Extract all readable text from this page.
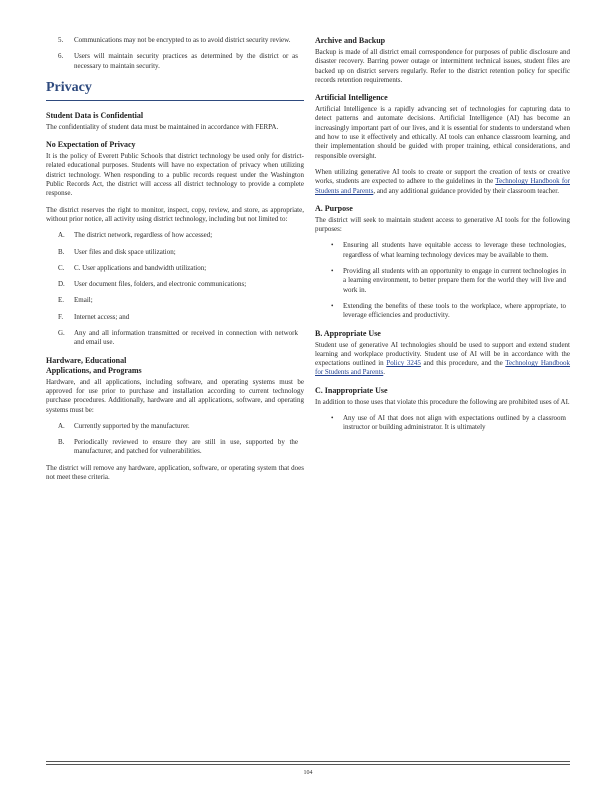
5.	Communications may not be encrypted to as to avoid district security review.
6.	Users will maintain security practices as determined by the district or as necessary to maintain security.
Privacy
Student Data is Confidential

The confidentiality of student data must be maintained in accordance with FERPA.

No Expectation of Privacy

It is the policy of Everett Public Schools that district technology be used only for district-related educational purposes. Students will have no expectation of privacy when utilizing district technology. When responding to a public records request under the Washington Public Records Act, the district will access all district technology to provide a complete response.

The district reserves the right to monitor, inspect, copy, review, and store, as appropriate, without prior notice, all activity using district technology, including but not limited to:

A.	The district network, regardless of how accessed;
B.	User files and disk space utilization;
C.	C. User applications and bandwidth utilization;
D.	User document files, folders, and electronic communications;
E.	Email;
F.	Internet access; and
G.	Any and all information transmitted or received in connection with network and email use.
Hardware, Educational
Applications, and Programs

Hardware, and all applications, including software, and operating systems must be approved for use prior to purchase and installation according to current technology purchase procedures. Additionally, hardware and all applications, software, and operating systems must be:

A.	Currently supported by the manufacturer.
B.	Periodically reviewed to ensure they are still in use, supported by the manufacturer, and patched for vulnerabilities.

The district will remove any hardware, application, software, or operating system that does not meet these criteria.

Archive and Backup

Backup is made of all district email correspondence for purposes of public disclosure and disaster recovery. Barring power outage or intermittent technical issues, student files are backed up on district servers regularly. Refer to the district retention policy for specific records retention requirements.

Artificial Intelligence

Artificial Intelligence is a rapidly advancing set of technologies for capturing data to detect patterns and automate decisions. Artificial Intelligence (AI) has become an increasingly important part of our lives, and it is essential for students to understand when and how to use it effectively and ethically. AI tools can enhance classroom learning, and their implementation should be guided with proper training, ethical considerations, and responsible oversight.

When utilizing generative AI tools to create or support the creation of texts or creative works, students are expected to adhere to the guidelines in the Technology Handbook for Students and Parents, and any additional guidance provided by their classroom teacher.

A. Purpose

The district will seek to maintain student access to generative AI tools for the following purposes:

•	Ensuring all students have equitable access to leverage these technologies, regardless of what learning technology devices may be available to them.
•	Providing all students with an opportunity to engage in current technologies in a learning environment, to better prepare them for the world they will live and work in.
•	Extending the benefits of these tools to the workplace, where appropriate, to leverage efficiencies and productivity.
B. Appropriate Use

Student use of generative AI technologies should be used to support and extend student learning and workplace productivity. Student use of AI will be in accordance with the expectations outlined in Policy 3245 and this procedure, and the Technology Handbook for Students and Parents.

C. Inappropriate Use

In addition to those uses that violate this procedure the following are prohibited uses of AI.

•	Any use of AI that does not align with expectations outlined by a classroom instructor or building administrator. It is ultimately
104
